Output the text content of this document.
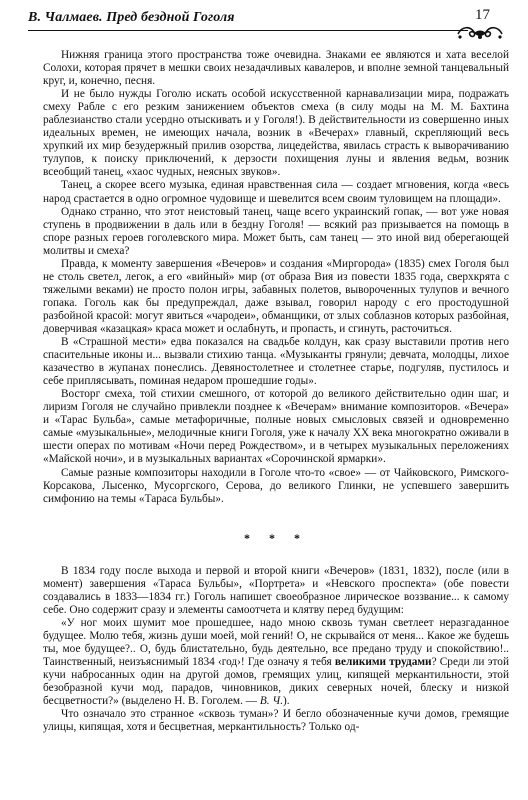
В. Чалмаев. Пред бездной Гоголя	17

Нижняя граница этого пространства тоже очевидна. Знаками ее являются и хата веселой Солохи, которая прячет в мешки своих незадачливых кавалеров, и вполне земной танцевальный круг, и, конечно, песня.

И не было нужды Гоголю искать особой искусственной карнавализации мира, подражать смеху Рабле с его резким занижением объектов смеха (в силу моды на М. М. Бахтина раблезианство стали усердно отыскивать и у Гоголя!). В действительности из совершенно иных идеальных времен, не имеющих начала, возник в «Вечерах» главный, скрепляющий весь хрупкий их мир безудержный прилив озорства, лицедейства, явилась страсть к выворачиванию тулупов, к поиску приключений, к дерзости похищения луны и явления ведьм, возник всеобщий танец, «хаос чудных, неясных звуков».

Танец, а скорее всего музыка, единая нравственная сила — создает мгновения, когда «весь народ срастается в одно огромное чудовище и шевелится всем своим туловищем на площади».

Однако странно, что этот неистовый танец, чаще всего украинский гопак, — вот уже новая ступень в продвижении в даль или в бездну Гоголя! — всякий раз призывается на помощь в споре разных героев гоголевского мира. Может быть, сам танец — это иной вид оберегающей молитвы и смеха?

Правда, к моменту завершения «Вечеров» и создания «Миргорода» (1835) смех Гоголя был не столь светел, легок, а его «вийный» мир (от образа Вия из повести 1835 года, сверхкрята с тяжелыми веками) не просто полон игры, забавных полетов, вывороченных тулупов и вечного гопака. Гоголь как бы предупреждал, даже взывал, говорил народу с его простодушной разбойной красой: могут явиться «чародеи», обманщики, от злых соблазнов которых разбойная, доверчивая «казацкая» краса может и ослабнуть, и пропасть, и сгинуть, расточиться.

В «Страшной мести» едва показался на свадьбе колдун, как сразу выставили против него спасительные иконы и... вызвали стихию танца. «Музыканты грянули; девчата, молодцы, лихое казачество в жупанах понеслись. Девяностолетнее и столетнее старье, подгуляв, пустилось и себе приплясывать, поминая недаром прошедшие годы».

Восторг смеха, той стихии смешного, от которой до великого действительно один шаг, и лиризм Гоголя не случайно привлекли позднее к «Вечерам» внимание композиторов. «Вечера» и «Тарас Бульба», самые метафоричные, полные новых смысловых связей и одновременно самые «музыкальные», мелодичные книги Гоголя, уже к началу XX века многократно оживали в шести операх по мотивам «Ночи перед Рождеством», и в четырех музыкальных переложениях «Майской ночи», и в музыкальных вариантах «Сорочинской ярмарки».

Самые разные композиторы находили в Гоголе что-то «свое» — от Чайковского, Римского-Корсакова, Лысенко, Мусоргского, Серова, до великого Глинки, не успевшего завершить симфонию на темы «Тараса Бульбы».

* * *

В 1834 году после выхода и первой и второй книги «Вечеров» (1831, 1832), после (или в момент) завершения «Тараса Бульбы», «Портрета» и «Невского проспекта» (обе повести создавались в 1833—1834 гг.) Гоголь напишет своеобразное лирическое воззвание... к самому себе. Оно содержит сразу и элементы самоотчета и клятву перед будущим:

«У ног моих шумит мое прошедшее, надо мною сквозь туман светлеет неразгаданное будущее. Молю тебя, жизнь души моей, мой гений! О, не скрывайся от меня... Какое же будешь ты, мое будущее?.. О, будь блистательно, будь деятельно, все предано труду и спокойствию!.. Таинственный, неизъяснимый 1834 ‹год›! Где означу я тебя великими трудами? Среди ли этой кучи набросанных один на другой домов, гремящих улиц, кипящей меркантильности, этой безобразной кучи мод, парадов, чиновников, диких северных ночей, блеску и низкой бесцветности?» (выделено Н. В. Гоголем. — В. Ч.).

Что означало это странное «сквозь туман»? И бегло обозначенные кучи домов, гремящие улицы, кипящая, хотя и бесцветная, меркантильность? Только од-
